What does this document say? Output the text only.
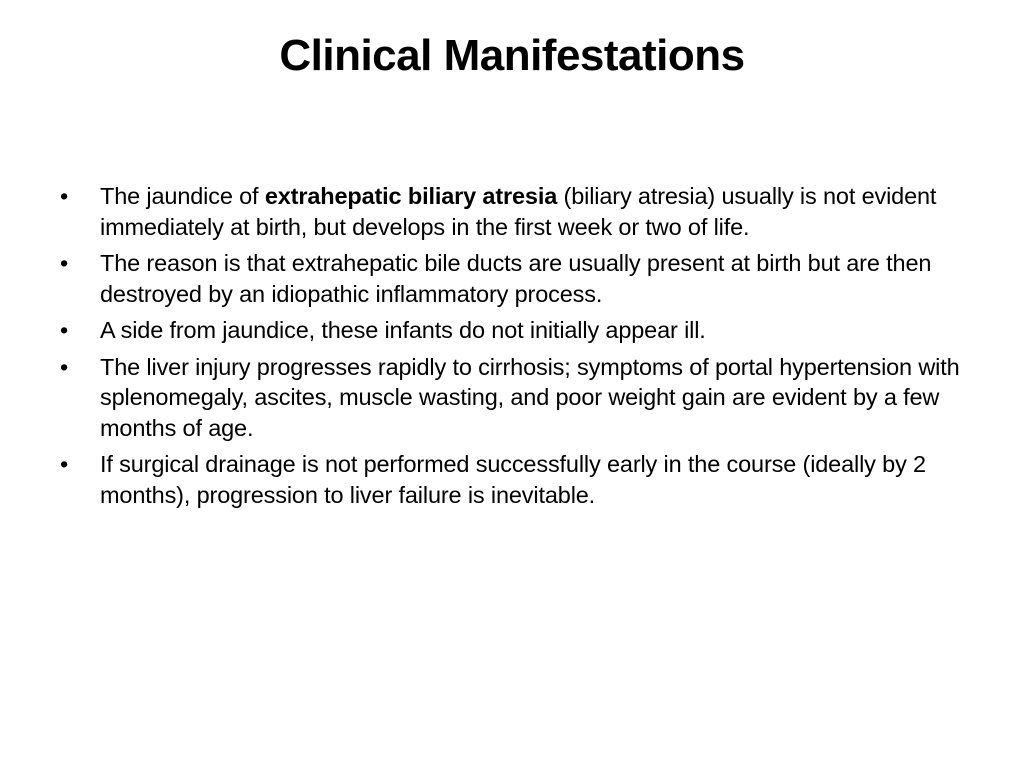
Clinical Manifestations
•	The jaundice of extrahepatic biliary atresia (biliary atresia) usually is not evident immediately at birth, but develops in the first week or two of life.
•	The reason is that extrahepatic bile ducts are usually present at birth but are then destroyed by an idiopathic inflammatory process.
•	A side from jaundice, these infants do not initially appear ill.
•	The liver injury progresses rapidly to cirrhosis; symptoms of portal hypertension with splenomegaly, ascites, muscle wasting, and poor weight gain are evident by a few months of age.
•	If surgical drainage is not performed successfully early in the course (ideally by 2 months), progression to liver failure is inevitable.
